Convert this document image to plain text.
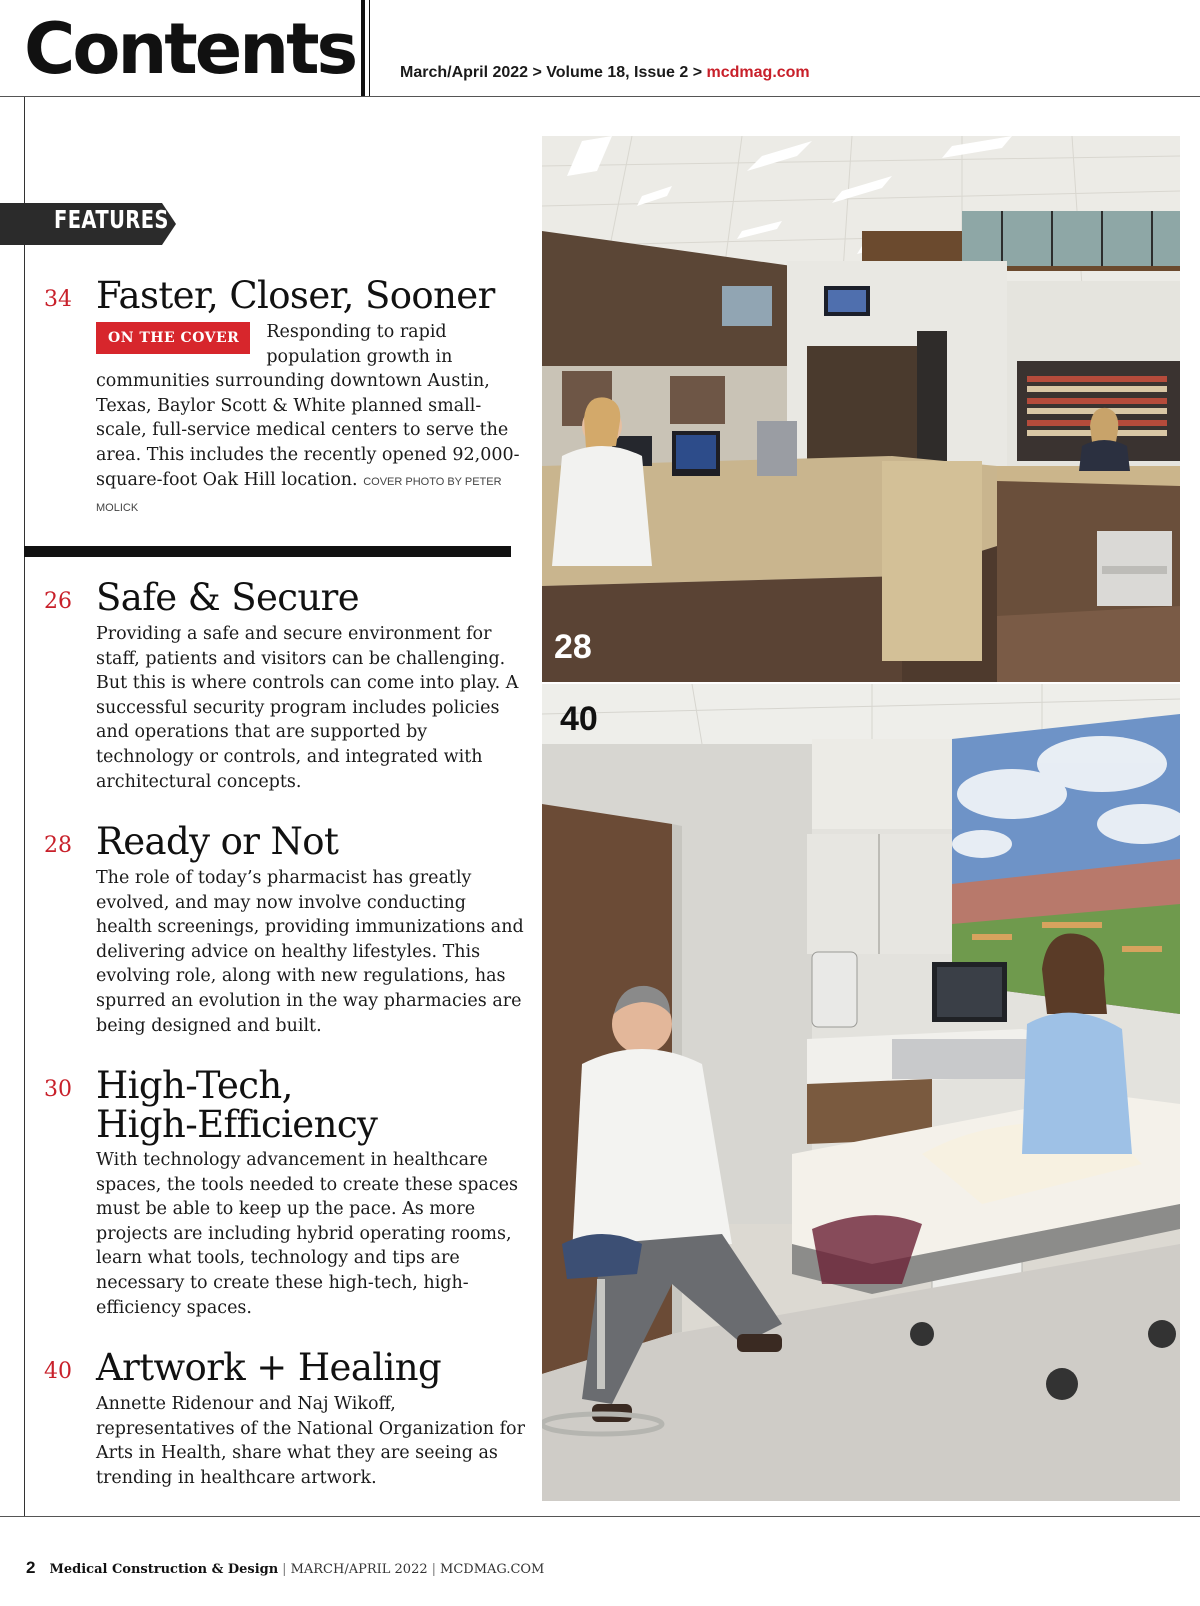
Contents	March/April 2022 > Volume 18, Issue 2 > mcdmag.com
FEATURES
34 Faster, Closer, Sooner
ON THE COVER	Responding to rapid population growth in communities surrounding downtown Austin, Texas, Baylor Scott & White planned small-scale, full-service medical centers to serve the area. This includes the recently opened 92,000-square-foot Oak Hill location. COVER PHOTO BY PETER MOLICK
26 Safe & Secure
Providing a safe and secure environment for staff, patients and visitors can be challenging. But this is where controls can come into play. A successful security program includes policies and operations that are supported by technology or controls, and integrated with architectural concepts.
28 Ready or Not
The role of today’s pharmacist has greatly evolved, and may now involve conducting health screenings, providing immunizations and delivering advice on healthy lifestyles. This evolving role, along with new regulations, has spurred an evolution in the way pharmacies are being designed and built.
30 High-Tech,
High-Efficiency
With technology advancement in healthcare spaces, the tools needed to create these spaces must be able to keep up the pace. As more projects are including hybrid operating rooms, learn what tools, technology and tips are necessary to create these high-tech, high-efficiency spaces.
40 Artwork + Healing
Annette Ridenour and Naj Wikoff, representatives of the National Organization for Arts in Health, share what they are seeing as trending in healthcare artwork.
28
40
2 Medical Construction & Design | MARCH/APRIL 2022 | MCDMAG.COM
